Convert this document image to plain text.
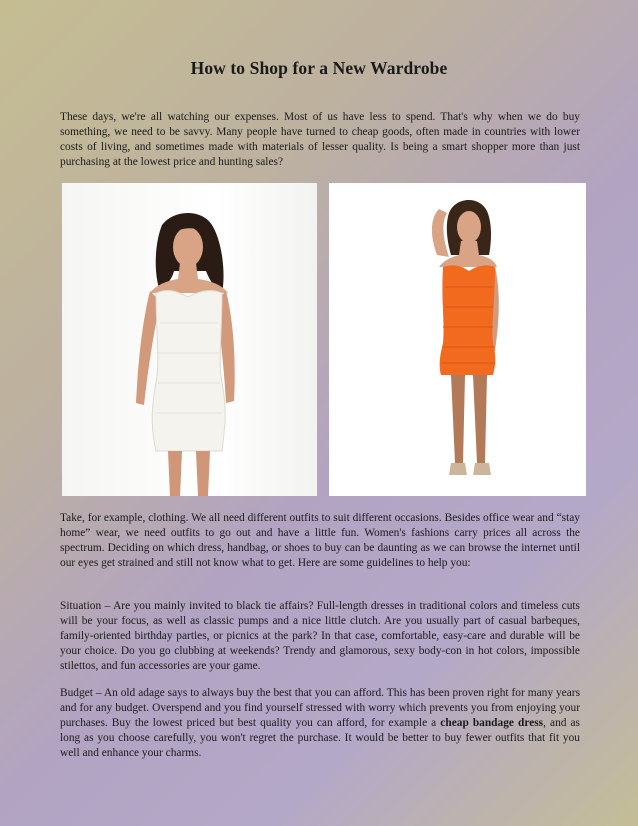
How to Shop for a New Wardrobe

These days, we're all watching our expenses. Most of us have less to spend. That's why when we do buy something, we need to be savvy. Many people have turned to cheap goods, often made in countries with lower costs of living, and sometimes made with materials of lesser quality. Is being a smart shopper more than just purchasing at the lowest price and hunting sales?

Take, for example, clothing. We all need different outfits to suit different occasions. Besides office wear and “stay home” wear, we need outfits to go out and have a little fun. Women's fashions carry prices all across the spectrum. Deciding on which dress, handbag, or shoes to buy can be daunting as we can browse the internet until our eyes get strained and still not know what to get. Here are some guidelines to help you:

Situation – Are you mainly invited to black tie affairs? Full-length dresses in traditional colors and timeless cuts will be your focus, as well as classic pumps and a nice little clutch. Are you usually part of casual barbeques, family-oriented birthday parties, or picnics at the park? In that case, comfortable, easy-care and durable will be your choice. Do you go clubbing at weekends? Trendy and glamorous, sexy body-con in hot colors, impossible stilettos, and fun accessories are your game.

Budget – An old adage says to always buy the best that you can afford. This has been proven right for many years and for any budget. Overspend and you find yourself stressed with worry which prevents you from enjoying your purchases. Buy the lowest priced but best quality you can afford, for example a cheap bandage dress, and as long as you choose carefully, you won't regret the purchase. It would be better to buy fewer outfits that fit you well and enhance your charms.
